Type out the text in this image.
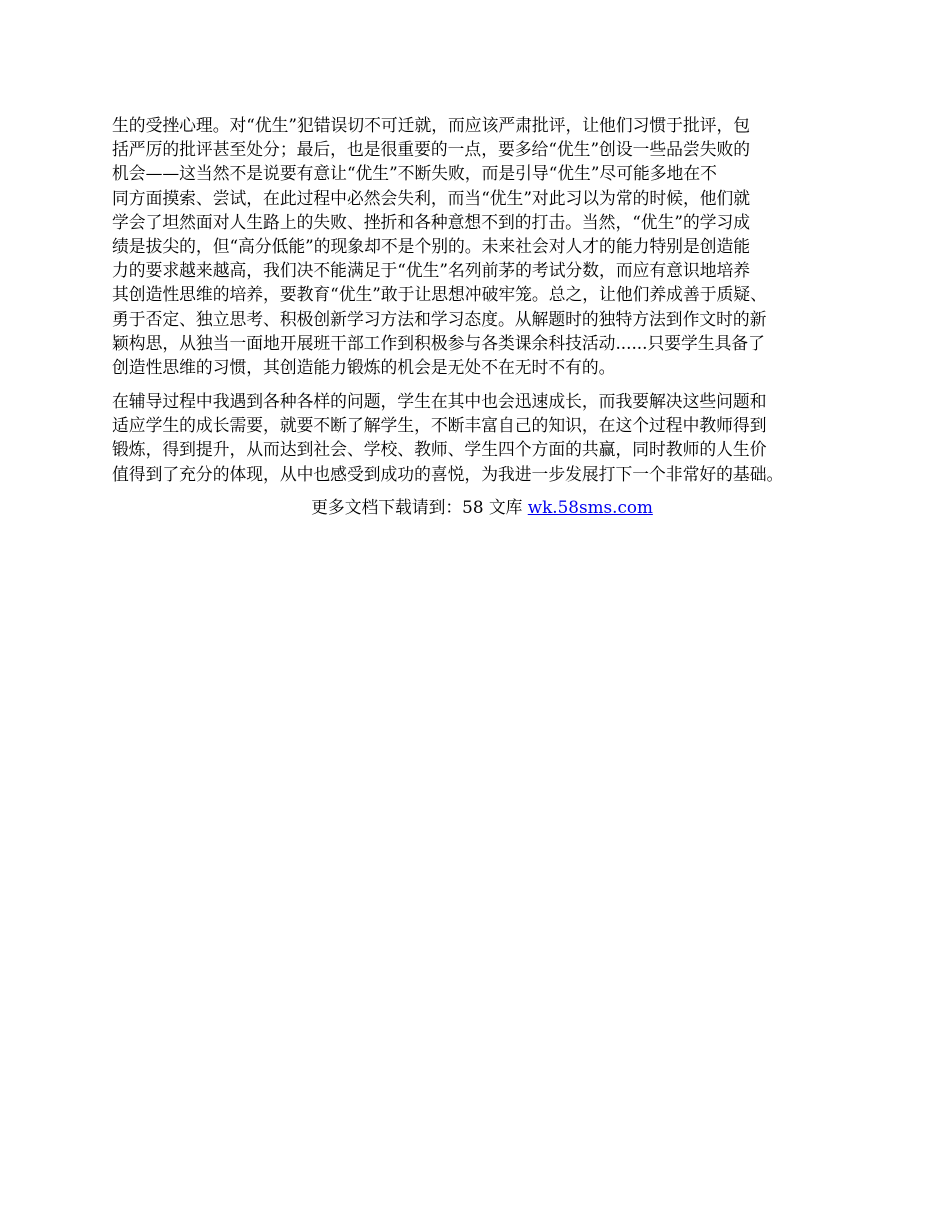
生的受挫心理。对“优生”犯错误切不可迁就，而应该严肃批评，让他们习惯于批评，包
括严厉的批评甚至处分；最后，也是很重要的一点，要多给“优生”创设一些品尝失败的
机会——这当然不是说要有意让“优生”不断失败，而是引导“优生”尽可能多地在不
同方面摸索、尝试，在此过程中必然会失利，而当“优生”对此习以为常的时候，他们就
学会了坦然面对人生路上的失败、挫折和各种意想不到的打击。当然，“优生”的学习成
绩是拔尖的，但“高分低能”的现象却不是个别的。未来社会对人才的能力特别是创造能
力的要求越来越高，我们决不能满足于“优生”名列前茅的考试分数，而应有意识地培养
其创造性思维的培养，要教育“优生”敢于让思想冲破牢笼。总之，让他们养成善于质疑、
勇于否定、独立思考、积极创新学习方法和学习态度。从解题时的独特方法到作文时的新
颖构思，从独当一面地开展班干部工作到积极参与各类课余科技活动......只要学生具备了
创造性思维的习惯，其创造能力锻炼的机会是无处不在无时不有的。

在辅导过程中我遇到各种各样的问题，学生在其中也会迅速成长，而我要解决这些问题和
适应学生的成长需要，就要不断了解学生，不断丰富自己的知识，在这个过程中教师得到
锻炼，得到提升，从而达到社会、学校、教师、学生四个方面的共赢，同时教师的人生价
值得到了充分的体现，从中也感受到成功的喜悦，为我进一步发展打下一个非常好的基础。

更多文档下载请到：58 文库 wk.58sms.com
